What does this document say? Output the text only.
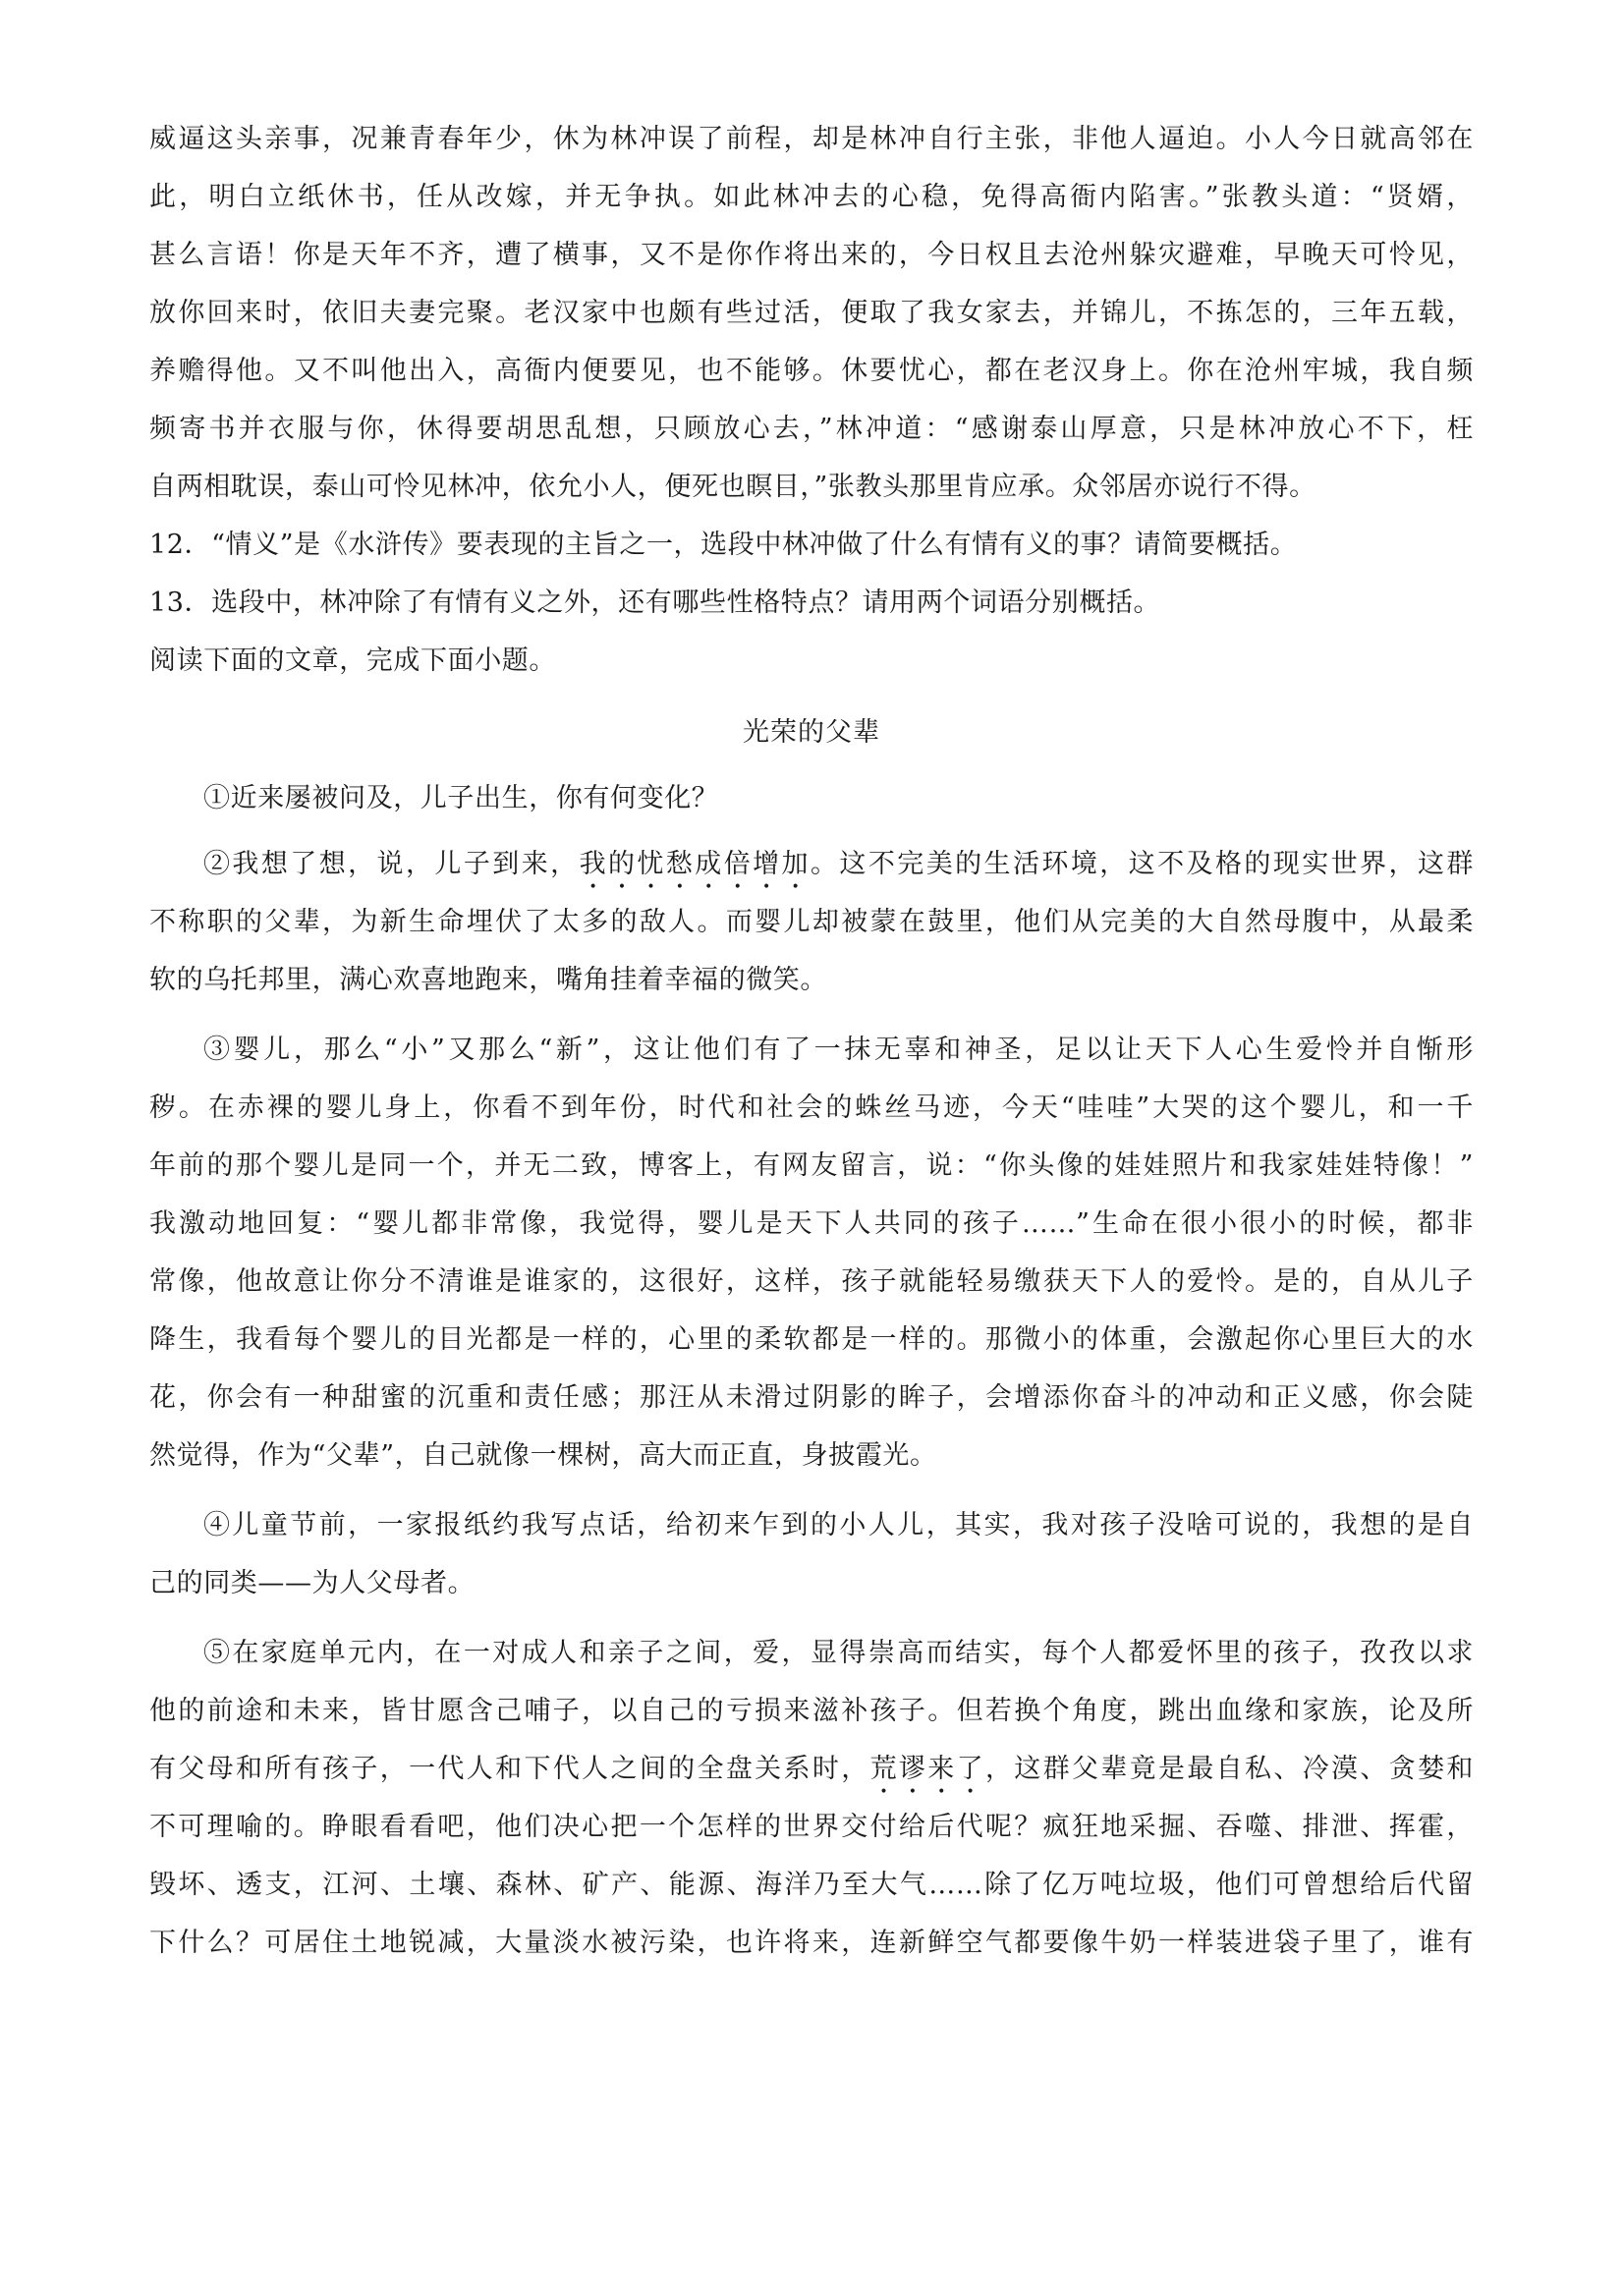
威逼这头亲事，况兼青春年少，休为林冲误了前程，却是林冲自行主张，非他人逼迫。小人今日就高邻在
此，明白立纸休书，任从改嫁，并无争执。如此林冲去的心稳，免得高衙内陷害。”张教头道：“贤婿，
甚么言语！你是天年不齐，遭了横事，又不是你作将出来的，今日权且去沧州躲灾避难，早晚天可怜见，
放你回来时，依旧夫妻完聚。老汉家中也颇有些过活，便取了我女家去，并锦儿，不拣怎的，三年五载，
养赡得他。又不叫他出入，高衙内便要见，也不能够。休要忧心，都在老汉身上。你在沧州牢城，我自频
频寄书并衣服与你，休得要胡思乱想，只顾放心去，”林冲道：“感谢泰山厚意，只是林冲放心不下，枉
自两相耽误，泰山可怜见林冲，依允小人，便死也瞑目，”张教头那里肯应承。众邻居亦说行不得。
12．“情义”是《水浒传》要表现的主旨之一，选段中林冲做了什么有情有义的事？请简要概括。
13．选段中，林冲除了有情有义之外，还有哪些性格特点？请用两个词语分别概括。
阅读下面的文章，完成下面小题。
光荣的父辈
①近来屡被问及，儿子出生，你有何变化？
②我想了想，说，儿子到来，我的忧愁成倍增加。这不完美的生活环境，这不及格的现实世界，这群
不称职的父辈，为新生命埋伏了太多的敌人。而婴儿却被蒙在鼓里，他们从完美的大自然母腹中，从最柔
软的乌托邦里，满心欢喜地跑来，嘴角挂着幸福的微笑。
③婴儿，那么“小”又那么“新”，这让他们有了一抹无辜和神圣，足以让天下人心生爱怜并自惭形
秽。在赤裸的婴儿身上，你看不到年份，时代和社会的蛛丝马迹，今天“哇哇”大哭的这个婴儿，和一千
年前的那个婴儿是同一个，并无二致，博客上，有网友留言，说：“你头像的娃娃照片和我家娃娃特像！”
我激动地回复：“婴儿都非常像，我觉得，婴儿是天下人共同的孩子……”生命在很小很小的时候，都非
常像，他故意让你分不清谁是谁家的，这很好，这样，孩子就能轻易缴获天下人的爱怜。是的，自从儿子
降生，我看每个婴儿的目光都是一样的，心里的柔软都是一样的。那微小的体重，会激起你心里巨大的水
花，你会有一种甜蜜的沉重和责任感；那汪从未滑过阴影的眸子，会增添你奋斗的冲动和正义感，你会陡
然觉得，作为“父辈”，自己就像一棵树，高大而正直，身披霞光。
④儿童节前，一家报纸约我写点话，给初来乍到的小人儿，其实，我对孩子没啥可说的，我想的是自
己的同类——为人父母者。
⑤在家庭单元内，在一对成人和亲子之间，爱，显得崇高而结实，每个人都爱怀里的孩子，孜孜以求
他的前途和未来，皆甘愿含己哺子，以自己的亏损来滋补孩子。但若换个角度，跳出血缘和家族，论及所
有父母和所有孩子，一代人和下代人之间的全盘关系时，荒谬来了，这群父辈竟是最自私、冷漠、贪婪和
不可理喻的。睁眼看看吧，他们决心把一个怎样的世界交付给后代呢？疯狂地采掘、吞噬、排泄、挥霍，
毁坏、透支，江河、土壤、森林、矿产、能源、海洋乃至大气……除了亿万吨垃圾，他们可曾想给后代留
下什么？可居住土地锐减，大量淡水被污染，也许将来，连新鲜空气都要像牛奶一样装进袋子里了，谁有
